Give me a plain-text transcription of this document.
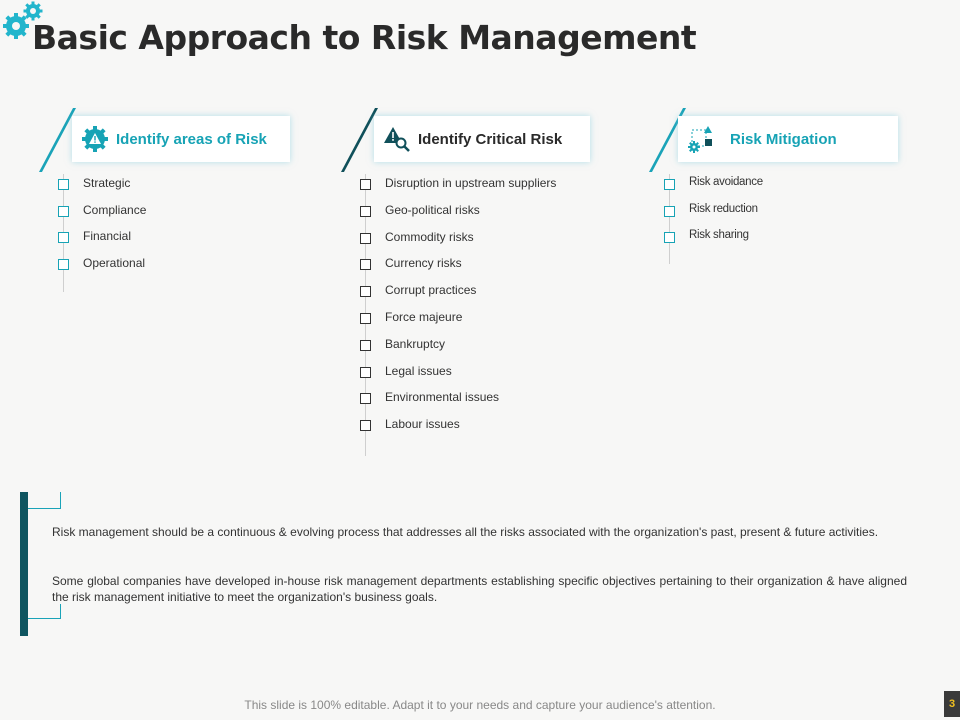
Basic Approach to Risk Management
Identify areas of Risk
Strategic
Compliance
Financial
Operational
Identify Critical Risk
Disruption in upstream suppliers
Geo-political risks
Commodity risks
Currency risks
Corrupt practices
Force majeure
Bankruptcy
Legal issues
Environmental issues
Labour issues
Risk Mitigation
Risk avoidance
Risk reduction
Risk sharing

Risk management should be a continuous & evolving process that addresses all the risks associated with the organization's past, present & future activities.

Some global companies have developed in-house risk management departments establishing specific objectives pertaining to their organization & have aligned the risk management initiative to meet the organization's business goals.

This slide is 100% editable. Adapt it to your needs and capture your audience's attention.	3
